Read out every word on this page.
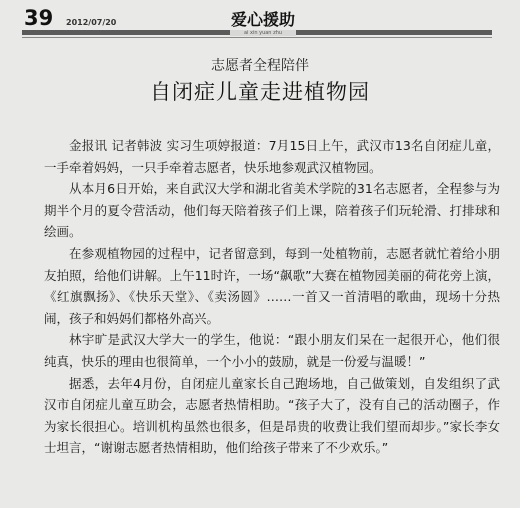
39 2012/07/20	爱心援助
ai xin yuan zhu
志愿者全程陪伴
自闭症儿童走进植物园

金报讯 记者韩波 实习生项婷报道：7月15日上午，武汉市13名自闭症儿童，一手牵着妈妈，一只手牵着志愿者，快乐地参观武汉植物园。

从本月6日开始，来自武汉大学和湖北省美术学院的31名志愿者，全程参与为期半个月的夏令营活动，他们每天陪着孩子们上课，陪着孩子们玩轮滑、打排球和绘画。

在参观植物园的过程中，记者留意到，每到一处植物前，志愿者就忙着给小朋友拍照，给他们讲解。上午11时许，一场“飙歌”大赛在植物园美丽的荷花旁上演，《红旗飘扬》、《快乐天堂》、《卖汤圆》……一首又一首清唱的歌曲，现场十分热闹，孩子和妈妈们都格外高兴。

林宇旷是武汉大学大一的学生，他说：“跟小朋友们呆在一起很开心，他们很纯真，快乐的理由也很简单，一个小小的鼓励，就是一份爱与温暖！”

据悉，去年4月份，自闭症儿童家长自己跑场地，自己做策划，自发组织了武汉市自闭症儿童互助会，志愿者热情相助。“孩子大了，没有自己的活动圈子，作为家长很担心。培训机构虽然也很多，但是昂贵的收费让我们望而却步。”家长李女士坦言，“谢谢志愿者热情相助，他们给孩子带来了不少欢乐。”
